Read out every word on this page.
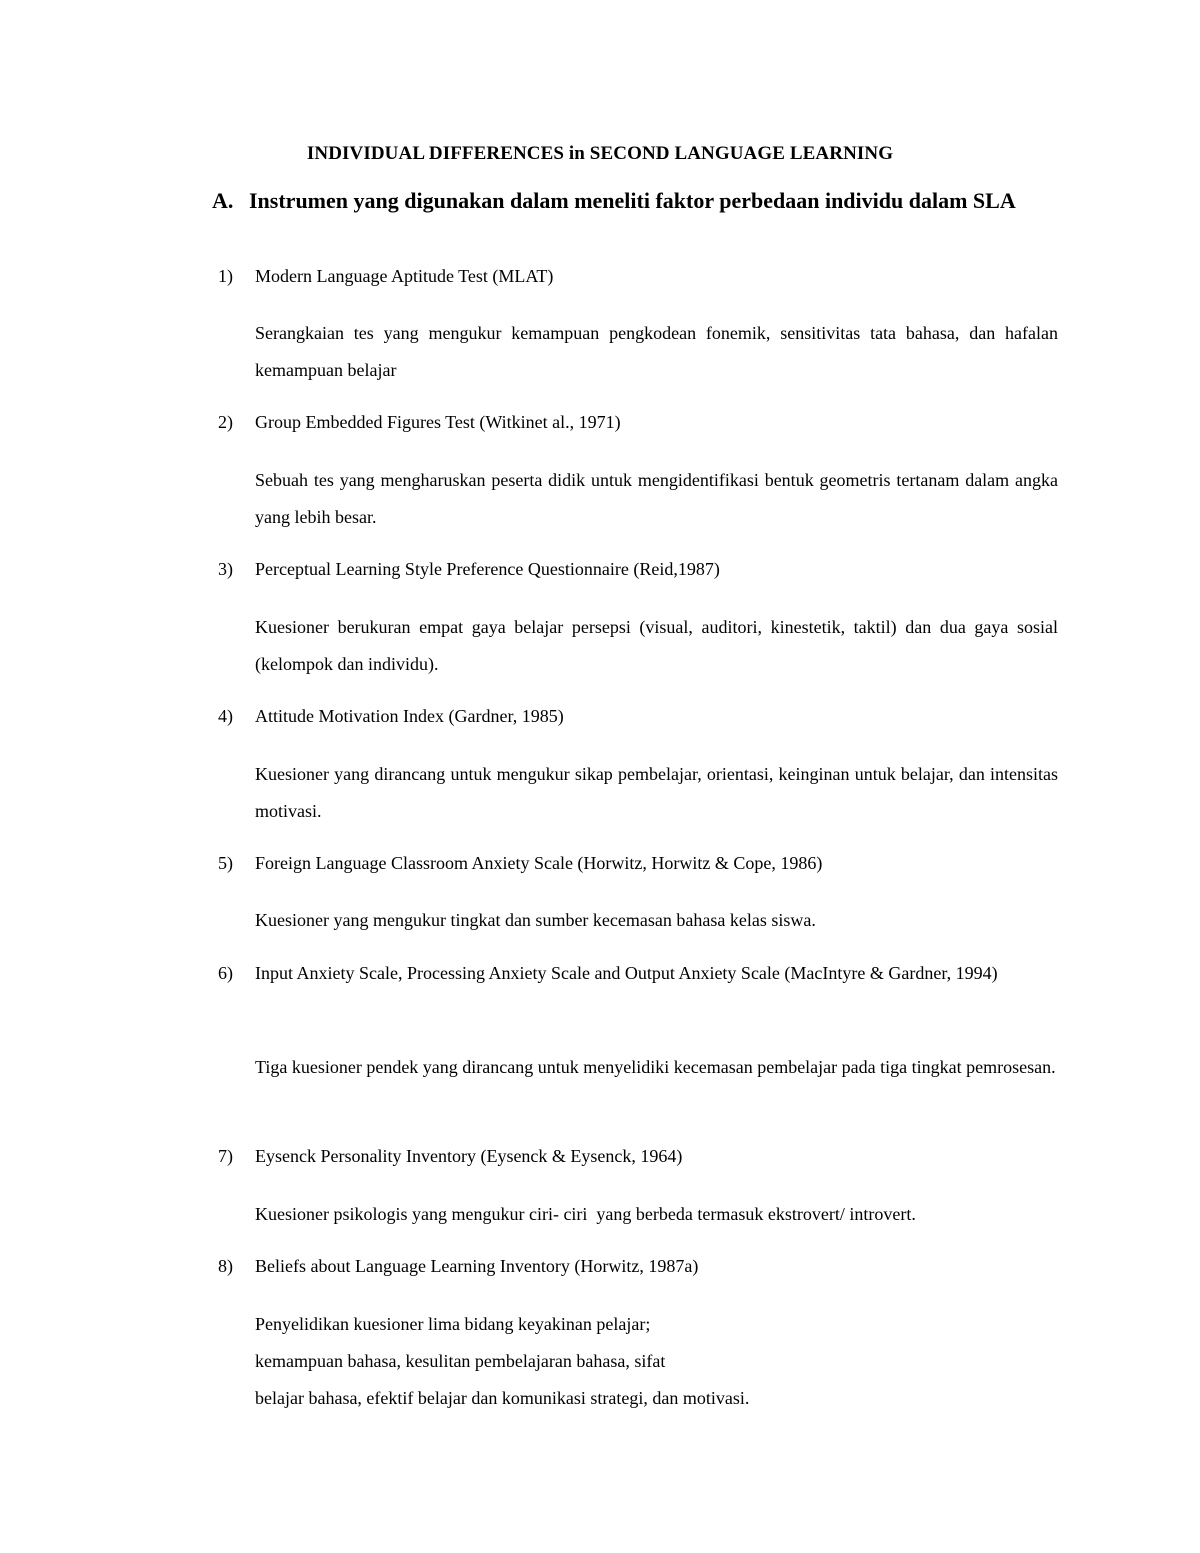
INDIVIDUAL DIFFERENCES in SECOND LANGUAGE LEARNING
A. Instrumen yang digunakan dalam meneliti faktor perbedaan individu dalam SLA
1) Modern Language Aptitude Test (MLAT)
Serangkaian tes yang mengukur kemampuan pengkodean fonemik, sensitivitas tata bahasa, dan hafalan kemampuan belajar
2) Group Embedded Figures Test (Witkinet al., 1971)
Sebuah tes yang mengharuskan peserta didik untuk mengidentifikasi bentuk geometris tertanam dalam angka yang lebih besar.
3) Perceptual Learning Style Preference Questionnaire (Reid,1987)
Kuesioner berukuran empat gaya belajar persepsi (visual, auditori, kinestetik, taktil) dan dua gaya sosial (kelompok dan individu).
4) Attitude Motivation Index (Gardner, 1985)
Kuesioner yang dirancang untuk mengukur sikap pembelajar, orientasi, keinginan untuk belajar, dan intensitas motivasi.
5) Foreign Language Classroom Anxiety Scale (Horwitz, Horwitz & Cope, 1986)
Kuesioner yang mengukur tingkat dan sumber kecemasan bahasa kelas siswa.
6) Input Anxiety Scale, Processing Anxiety Scale and Output Anxiety Scale (MacIntyre & Gardner, 1994)
Tiga kuesioner pendek yang dirancang untuk menyelidiki kecemasan pembelajar pada tiga tingkat pemrosesan.
7) Eysenck Personality Inventory (Eysenck & Eysenck, 1964)
Kuesioner psikologis yang mengukur ciri- ciri  yang berbeda termasuk ekstrovert/ introvert.
8) Beliefs about Language Learning Inventory (Horwitz, 1987a)
Penyelidikan kuesioner lima bidang keyakinan pelajar;
kemampuan bahasa, kesulitan pembelajaran bahasa, sifat
belajar bahasa, efektif belajar dan komunikasi strategi, dan motivasi.
